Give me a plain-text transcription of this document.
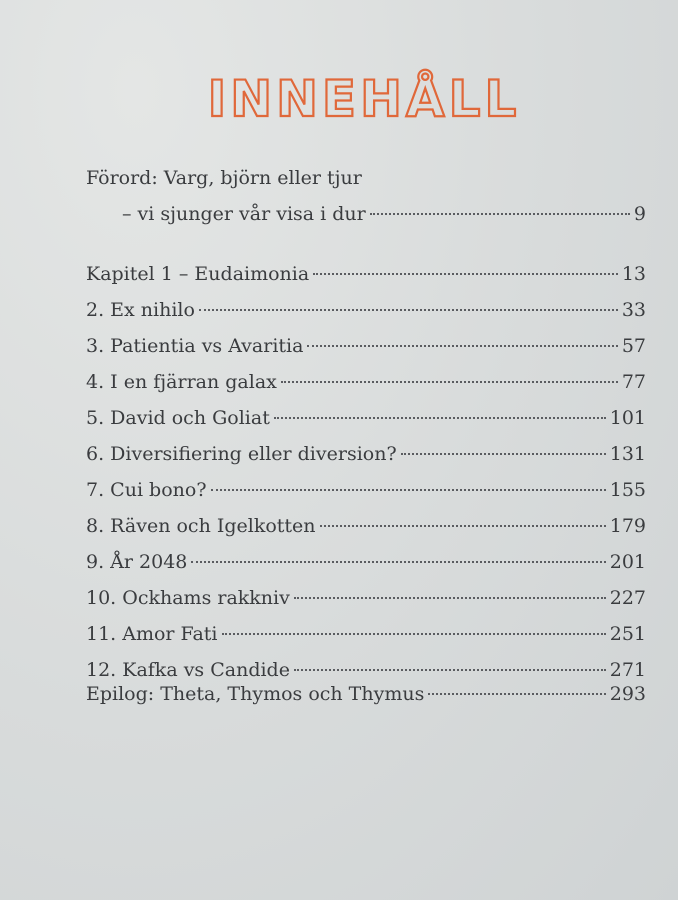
INNEHÅLL
Förord: Varg, björn eller tjur
– vi sjunger vår visa i dur	9
Kapitel 1 – Eudaimonia	13
2. Ex nihilo	33
3. Patientia vs Avaritia	57
4. I en fjärran galax	77
5. David och Goliat	101
6. Diversifiering eller diversion?	131
7. Cui bono?	155
8. Räven och Igelkotten	179
9. År 2048	201
10. Ockhams rakkniv	227
11. Amor Fati	251
12. Kafka vs Candide	271
Epilog: Theta, Thymos och Thymus	293
